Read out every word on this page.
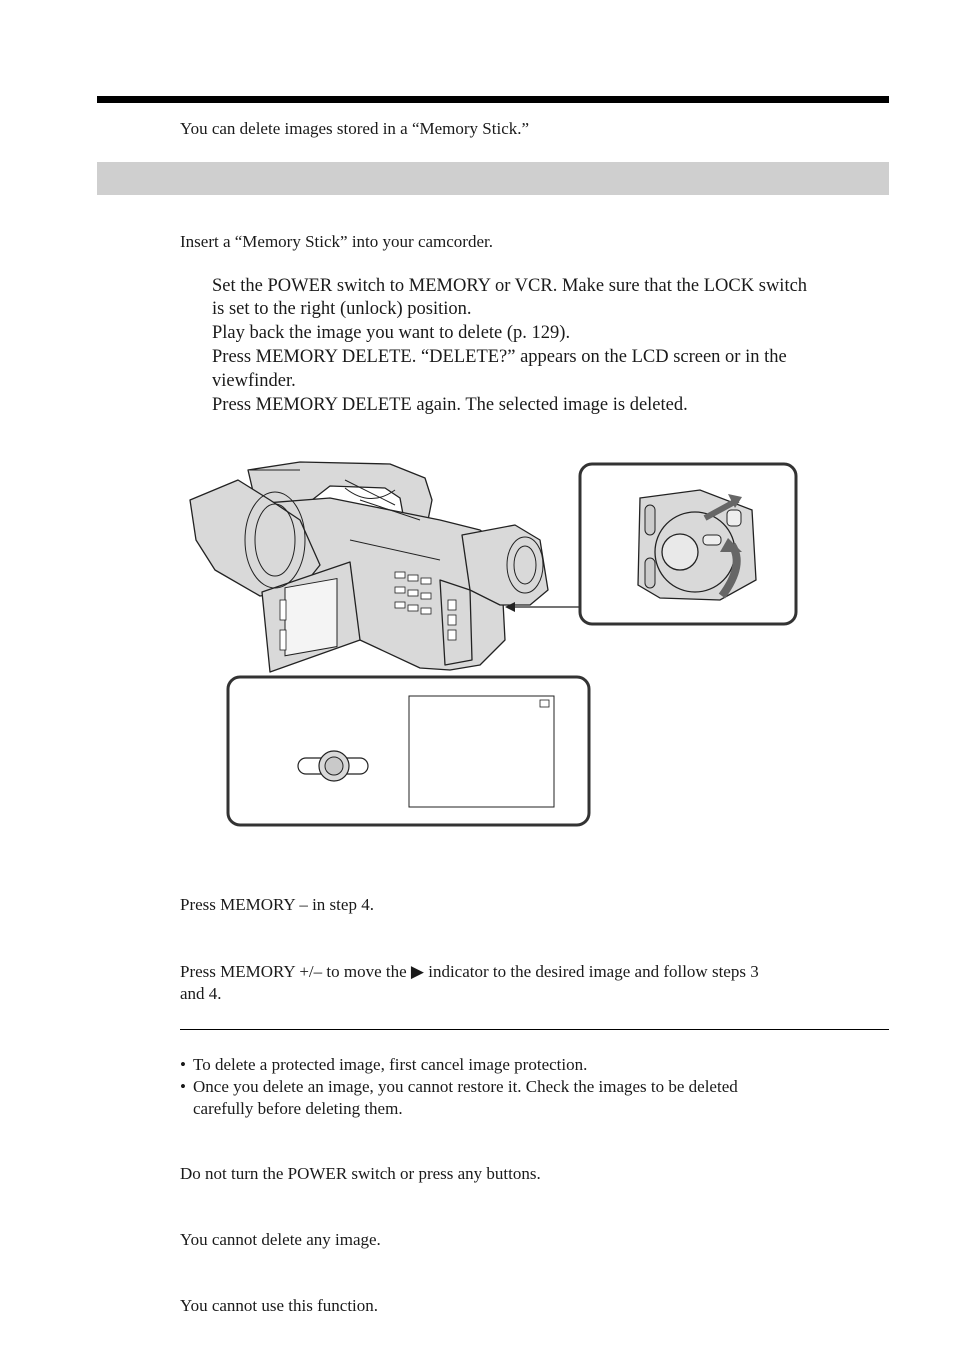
You can delete images stored in a “Memory Stick.”
Insert a “Memory Stick” into your camcorder.
Set the POWER switch to MEMORY or VCR. Make sure that the LOCK switch
is set to the right (unlock) position.
Play back the image you want to delete (p. 129).
Press MEMORY DELETE. “DELETE?” appears on the LCD screen or in the
viewfinder.
Press MEMORY DELETE again. The selected image is deleted.
Press MEMORY – in step 4.
Press MEMORY +/– to move the ▶ indicator to the desired image and follow steps 3
and 4.
• To delete a protected image, first cancel image protection.
• Once you delete an image, you cannot restore it. Check the images to be deleted
carefully before deleting them.
Do not turn the POWER switch or press any buttons.
You cannot delete any image.
You cannot use this function.
